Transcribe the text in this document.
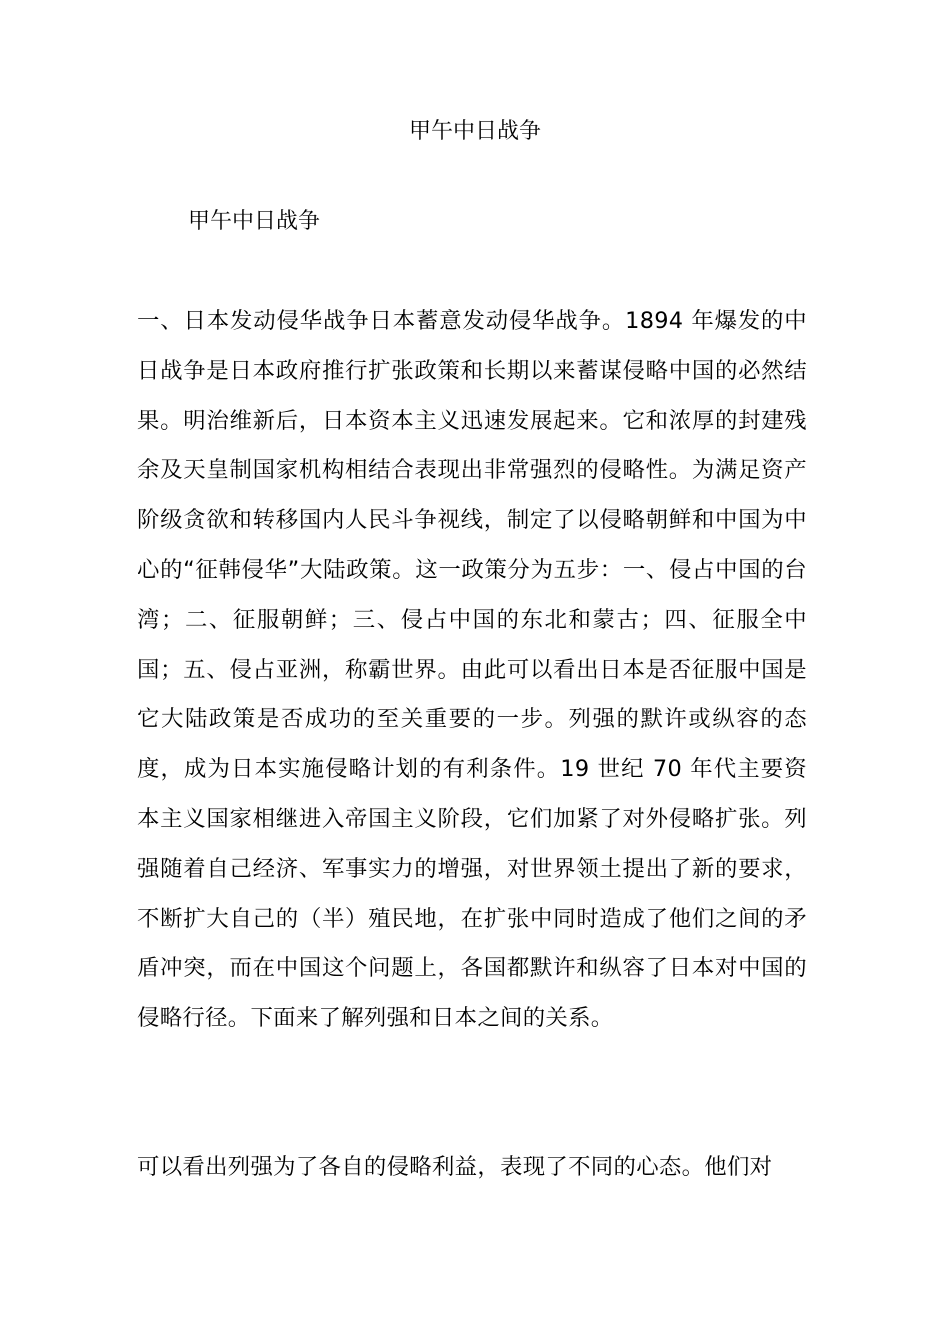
甲午中日战争
甲午中日战争

一、日本发动侵华战争日本蓄意发动侵华战争。1894 年爆发的中日战争是日本政府推行扩张政策和长期以来蓄谋侵略中国的必然结果。明治维新后，日本资本主义迅速发展起来。它和浓厚的封建残余及天皇制国家机构相结合表现出非常强烈的侵略性。为满足资产阶级贪欲和转移国内人民斗争视线，制定了以侵略朝鲜和中国为中心的“征韩侵华”大陆政策。这一政策分为五步：一、侵占中国的台湾；二、征服朝鲜；三、侵占中国的东北和蒙古；四、征服全中国；五、侵占亚洲，称霸世界。由此可以看出日本是否征服中国是它大陆政策是否成功的至关重要的一步。列强的默许或纵容的态度，成为日本实施侵略计划的有利条件。19 世纪 70 年代主要资本主义国家相继进入帝国主义阶段，它们加紧了对外侵略扩张。列强随着自己经济、军事实力的增强，对世界领土提出了新的要求，不断扩大自己的（半）殖民地，在扩张中同时造成了他们之间的矛盾冲突，而在中国这个问题上，各国都默许和纵容了日本对中国的侵略行径。下面来了解列强和日本之间的关系。

可以看出列强为了各自的侵略利益，表现了不同的心态。他们对
